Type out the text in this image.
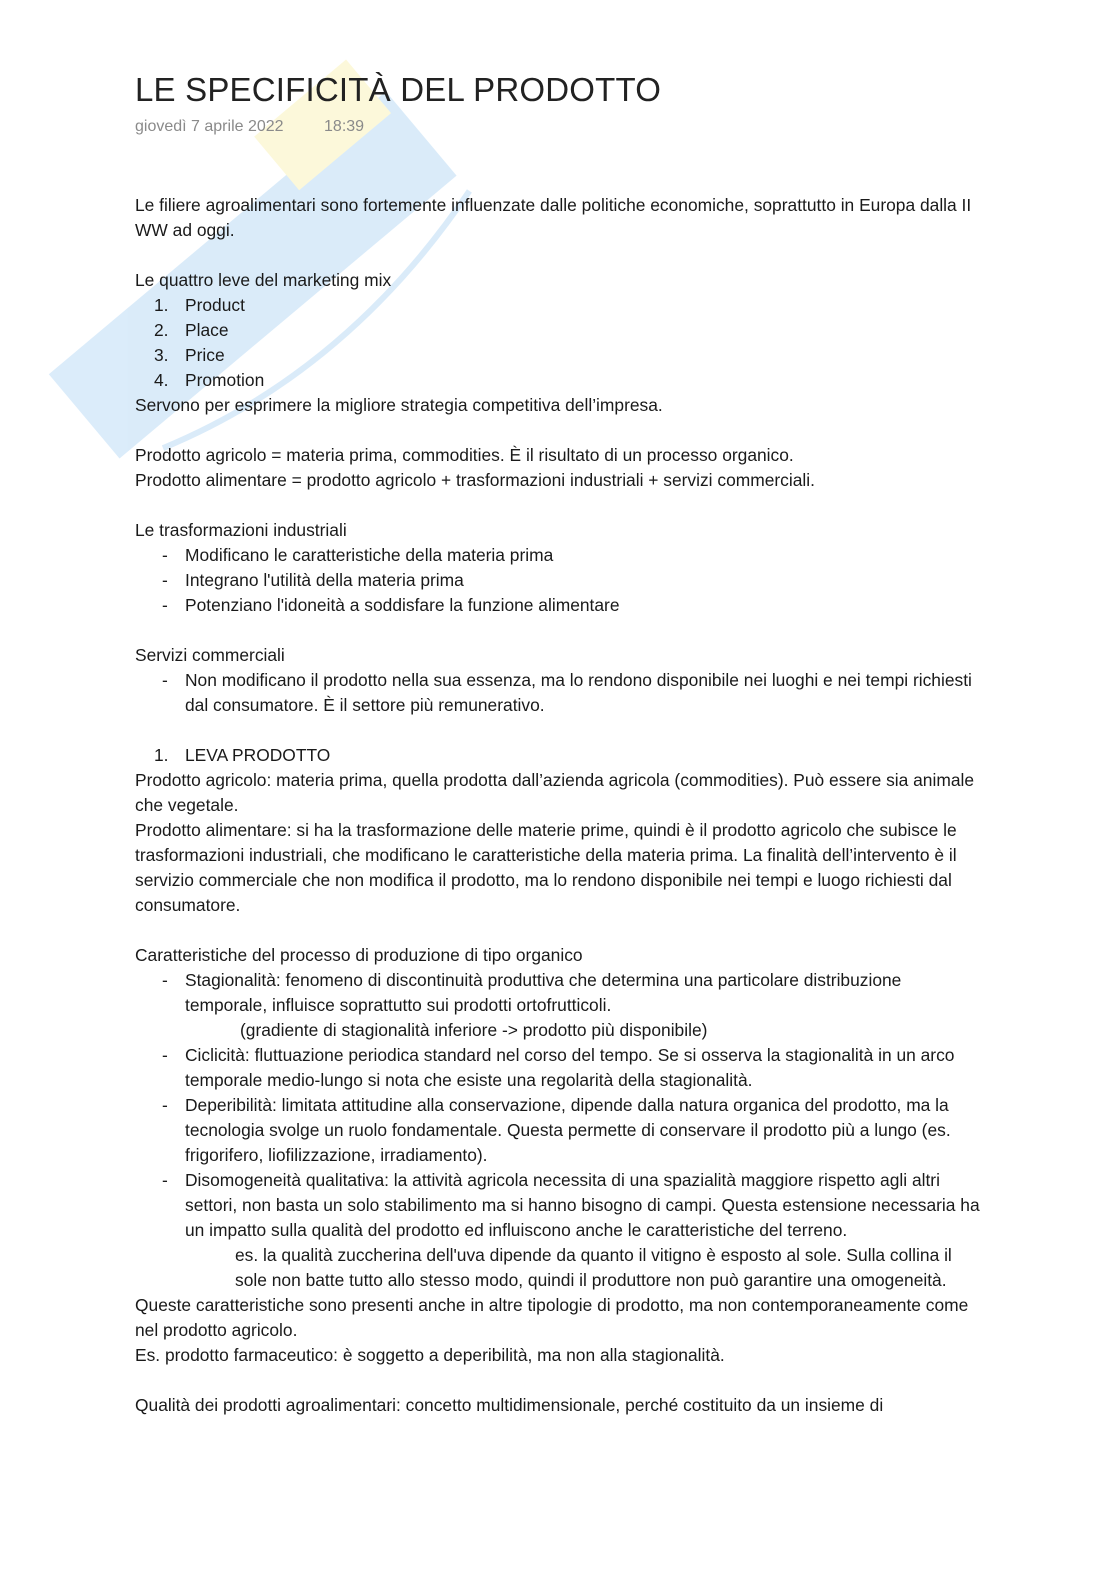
LE SPECIFICITÀ DEL PRODOTTO
giovedì 7 aprile 2022	18:39

Le filiere agroalimentari sono fortemente influenzate dalle politiche economiche, soprattutto in Europa dalla II WW ad oggi.

Le quattro leve del marketing mix

1. Product
2. Place
3. Price
4. Promotion

Servono per esprimere la migliore strategia competitiva dell’impresa.

Prodotto agricolo = materia prima, commodities. È il risultato di un processo organico.

Prodotto alimentare = prodotto agricolo + trasformazioni industriali + servizi commerciali.

Le trasformazioni industriali

- Modificano le caratteristiche della materia prima
- Integrano l'utilità della materia prima
- Potenziano l'idoneità a soddisfare la funzione alimentare

Servizi commerciali

- Non modificano il prodotto nella sua essenza, ma lo rendono disponibile nei luoghi e nei tempi richiesti dal consumatore. È il settore più remunerativo.
1. LEVA PRODOTTO

Prodotto agricolo: materia prima, quella prodotta dall’azienda agricola (commodities). Può essere sia animale che vegetale.

Prodotto alimentare: si ha la trasformazione delle materie prime, quindi è il prodotto agricolo che subisce le trasformazioni industriali, che modificano le caratteristiche della materia prima. La finalità dell’intervento è il servizio commerciale che non modifica il prodotto, ma lo rendono disponibile nei tempi e luogo richiesti dal consumatore.

Caratteristiche del processo di produzione di tipo organico

- Stagionalità: fenomeno di discontinuità produttiva che determina una particolare distribuzione temporale, influisce soprattutto sui prodotti ortofrutticoli.

(gradiente di stagionalità inferiore -> prodotto più disponibile)

- Ciclicità: fluttuazione periodica standard nel corso del tempo. Se si osserva la stagionalità in un arco temporale medio-lungo si nota che esiste una regolarità della stagionalità.
- Deperibilità: limitata attitudine alla conservazione, dipende dalla natura organica del prodotto, ma la tecnologia svolge un ruolo fondamentale. Questa permette di conservare il prodotto più a lungo (es. frigorifero, liofilizzazione, irradiamento).
- Disomogeneità qualitativa: la attività agricola necessita di una spazialità maggiore rispetto agli altri settori, non basta un solo stabilimento ma si hanno bisogno di campi. Questa estensione necessaria ha un impatto sulla qualità del prodotto ed influiscono anche le caratteristiche del terreno.

es. la qualità zuccherina dell'uva dipende da quanto il vitigno è esposto al sole. Sulla collina il sole non batte tutto allo stesso modo, quindi il produttore non può garantire una omogeneità.

Queste caratteristiche sono presenti anche in altre tipologie di prodotto, ma non contemporaneamente come nel prodotto agricolo.

Es. prodotto farmaceutico: è soggetto a deperibilità, ma non alla stagionalità.

Qualità dei prodotti agroalimentari: concetto multidimensionale, perché costituito da un insieme di
